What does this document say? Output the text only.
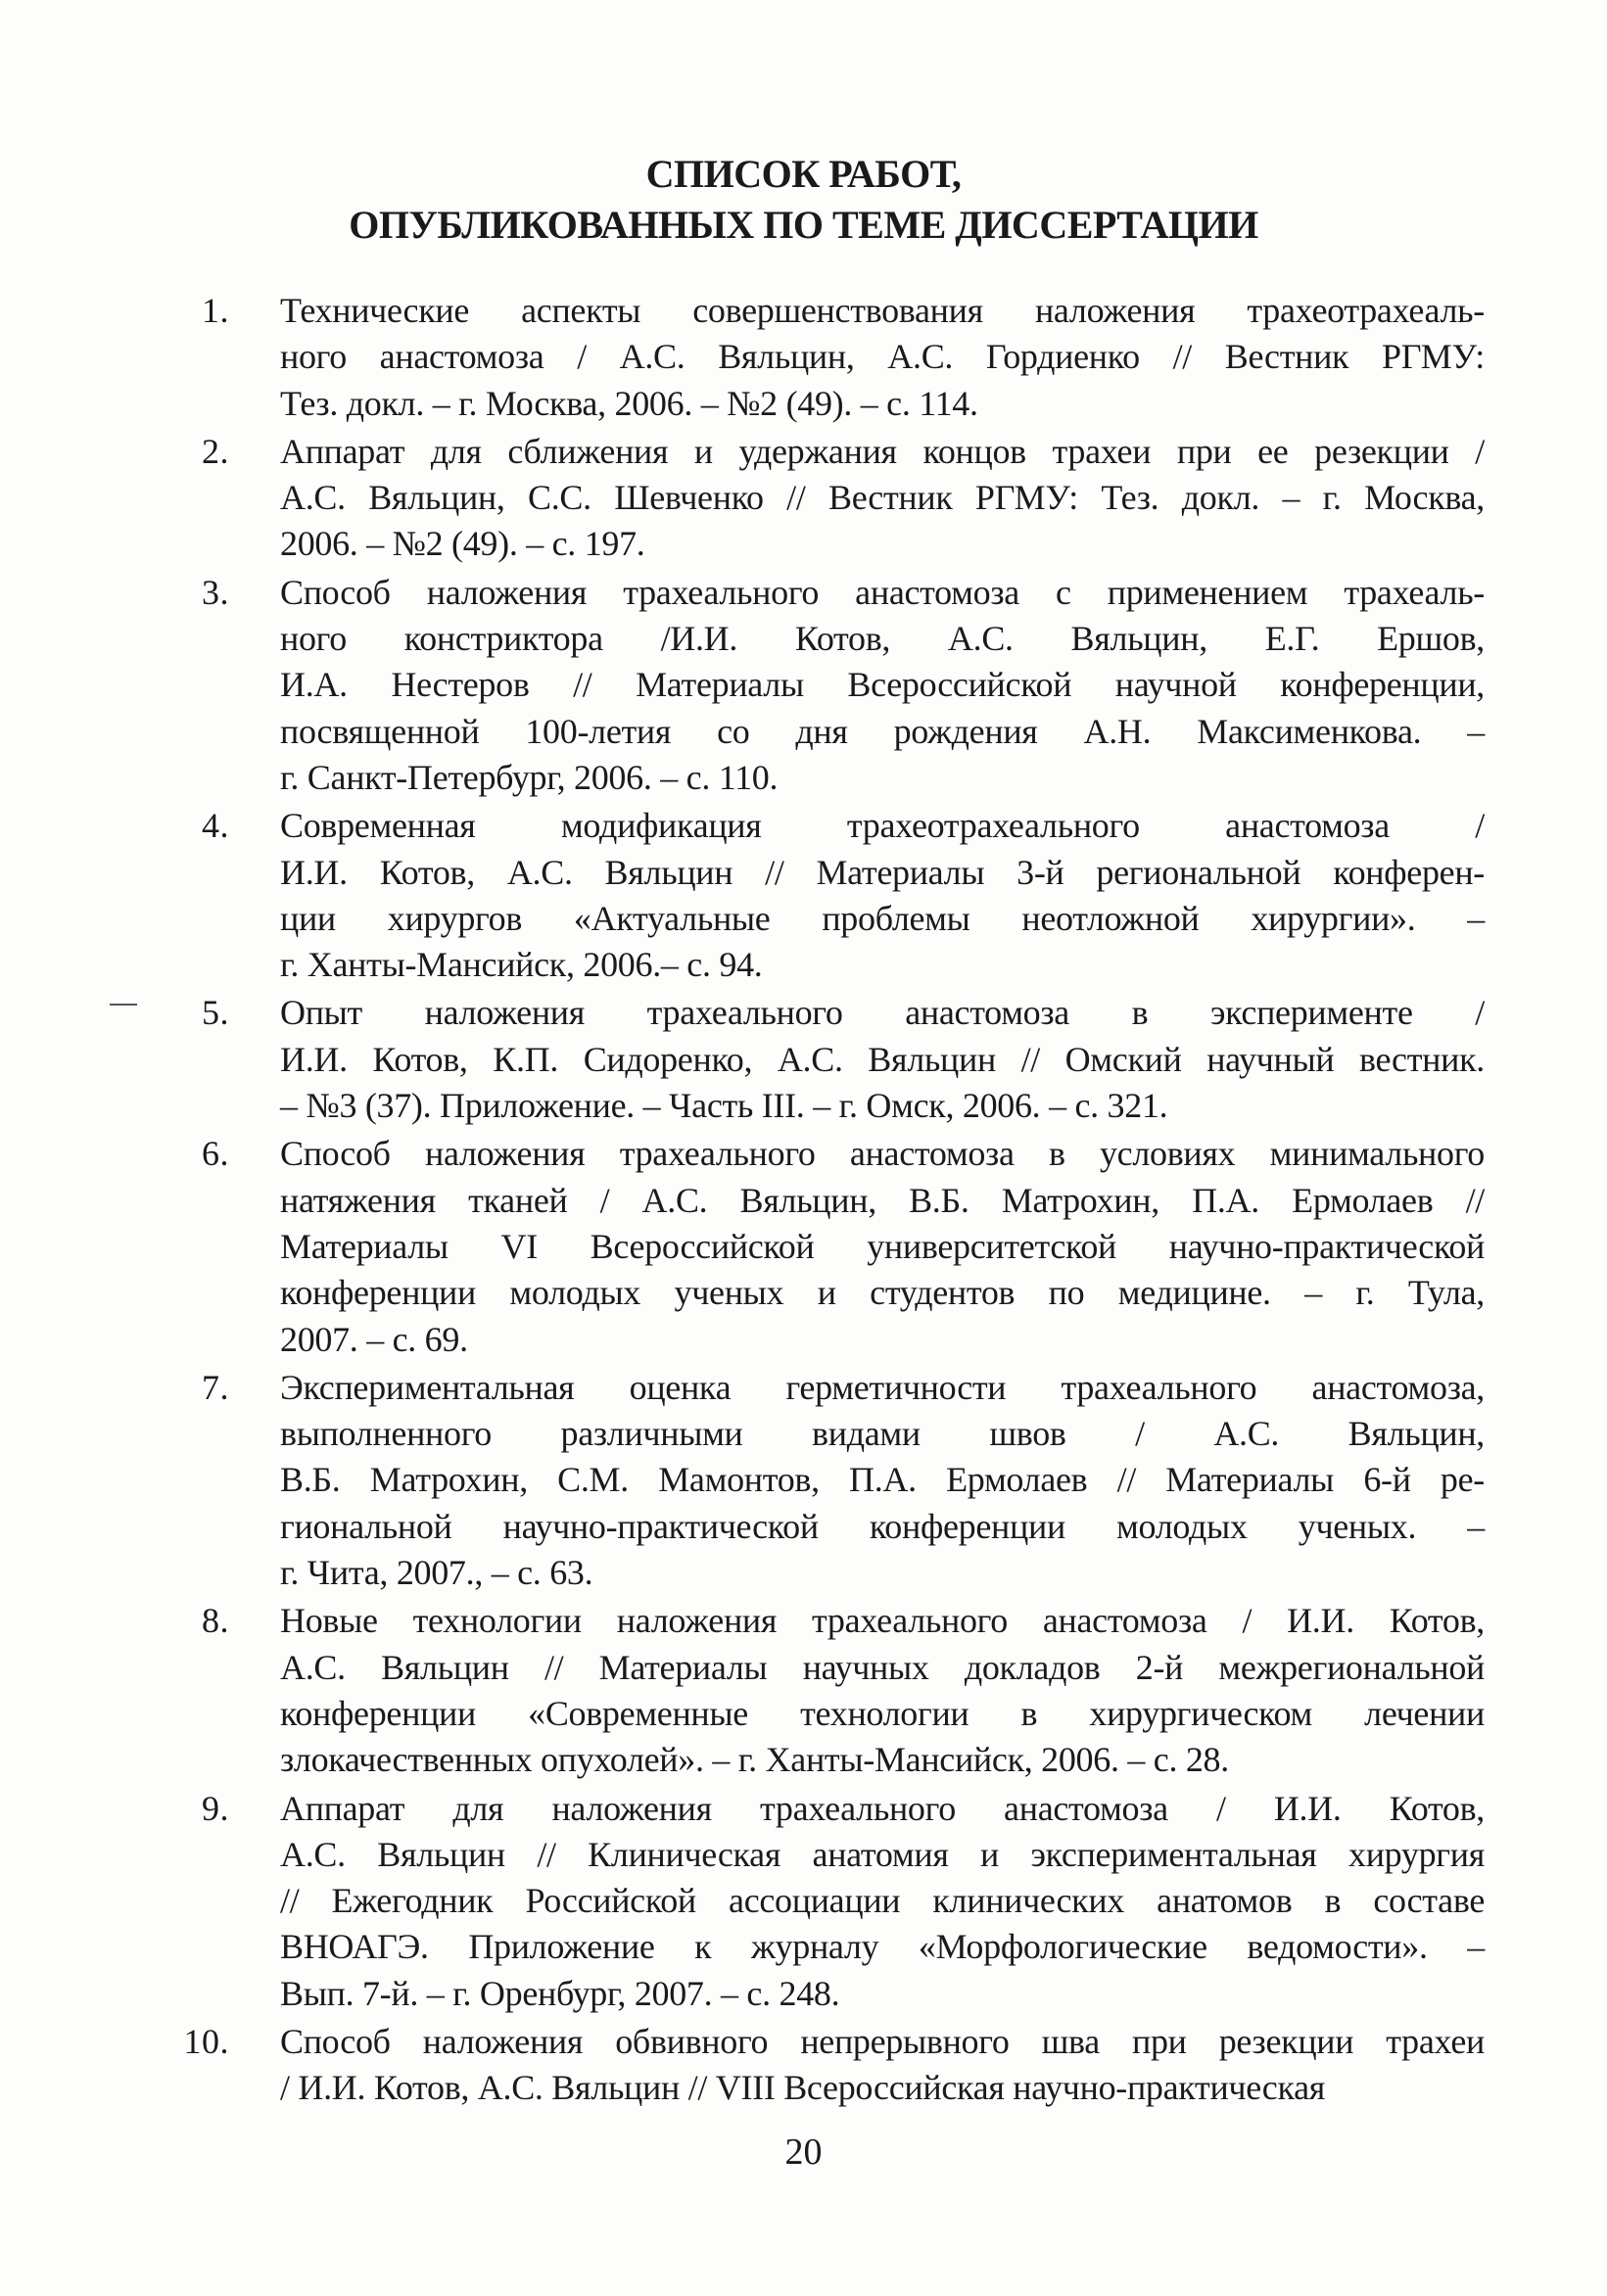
СПИСОК РАБОТ,
ОПУБЛИКОВАННЫХ ПО ТЕМЕ ДИССЕРТАЦИИ
1. Технические аспекты совершенствования наложения трахеотрахеаль-
ного анастомоза / А.С. Вяльцин, А.С. Гордиенко // Вестник РГМУ:
Тез. докл. – г. Москва, 2006. – №2 (49). – с. 114.
2. Аппарат для сближения и удержания концов трахеи при ее резекции /
А.С. Вяльцин, С.С. Шевченко // Вестник РГМУ: Тез. докл. – г. Москва,
2006. – №2 (49). – с. 197.
3. Способ наложения трахеального анастомоза с применением трахеаль-
ного констриктора /И.И. Котов, А.С. Вяльцин, Е.Г. Ершов,
И.А. Нестеров // Материалы Всероссийской научной конференции,
посвященной 100-летия со дня рождения А.Н. Максименкова. –
г. Санкт-Петербург, 2006. – с. 110.
4. Современная модификация трахеотрахеального анастомоза /
И.И. Котов, А.С. Вяльцин // Материалы 3-й региональной конферен-
ции хирургов «Актуальные проблемы неотложной хирургии». –
г. Ханты-Мансийск, 2006.– с. 94.
5. Опыт наложения трахеального анастомоза в эксперименте /
И.И. Котов, К.П. Сидоренко, А.С. Вяльцин // Омский научный вестник.
– №3 (37). Приложение. – Часть III. – г. Омск, 2006. – с. 321.
6. Способ наложения трахеального анастомоза в условиях минимального
натяжения тканей / А.С. Вяльцин, В.Б. Матрохин, П.А. Ермолаев //
Материалы VI Всероссийской университетской научно-практической
конференции молодых ученых и студентов по медицине. – г. Тула,
2007. – с. 69.
7. Экспериментальная оценка герметичности трахеального анастомоза,
выполненного различными видами швов / А.С. Вяльцин,
В.Б. Матрохин, С.М. Мамонтов, П.А. Ермолаев // Материалы 6-й ре-
гиональной научно-практической конференции молодых ученых. –
г. Чита, 2007., – с. 63.
8. Новые технологии наложения трахеального анастомоза / И.И. Котов,
А.С. Вяльцин // Материалы научных докладов 2-й межрегиональной
конференции «Современные технологии в хирургическом лечении
злокачественных опухолей». – г. Ханты-Мансийск, 2006. – с. 28.
9. Аппарат для наложения трахеального анастомоза / И.И. Котов,
А.С. Вяльцин // Клиническая анатомия и экспериментальная хирургия
// Ежегодник Российской ассоциации клинических анатомов в составе
ВНОАГЭ. Приложение к журналу «Морфологические ведомости». –
Вып. 7-й. – г. Оренбург, 2007. – с. 248.
10. Способ наложения обвивного непрерывного шва при резекции трахеи
/ И.И. Котов, А.С. Вяльцин // VIII Всероссийская научно-практическая
20
